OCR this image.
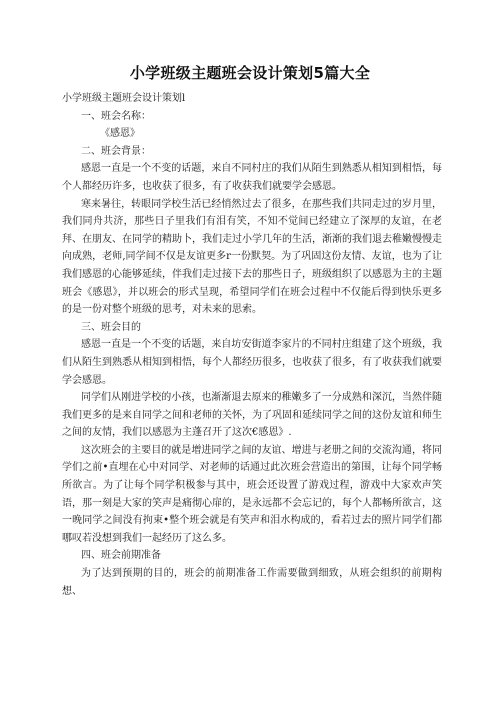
小学班级主题班会设计策划5篇大全

小学班级主题班会设计策划l

一、班会名称：

《感恩》

二、班会背景：

感恩一直是一个不变的话题，来自不同村庄的我们从陌生到熟悉从相知到相悟，每个人都经历许多，也收获了很多，有了收获我们就要学会感恩。

寒来暑往，转眼同学校生活已经悄然过去了很多，在那些我们共同走过的岁月里，我们同舟共济，那些日子里我们有泪有笑，不知不觉间已经建立了深厚的友谊，在老拜、在朋友、在同学的精助卜，我们走过小学几年的生活，渐渐的我们退去稚嫩慢慢走向成熟，老师,同学间不仅是友谊更多r一份默契。为了巩固这份友情、友谊，也为了让我们感恩的心能够延续，伴我们走过接下去的那些日子，班级组织了以感恩为主的主题班会《感恩》，并以班会的形式呈现，希望同学们在班会过程中不仅能后得到快乐更多的是一份对整个班级的思考，对未来的思索。

三、班会目的

感恩一直是一个不变的话题，来自坊安街道李家片的不同村庄组建了这个班级，我们从陌生到熟悉从相知到相悟，每个人都经历很多，也收获了很多，有了收获我们就要学会感恩。

同学们从刚进学校的小孩，也渐渐退去原来的稚嫩多了一分成熟和深沉，当然伴随我们更多的是来自同学之间和老师的关怀，为了巩固和延续同学之间的这份友谊和师生之间的友情，我们以感恩为主蓬召开了这次€感恩》.

这次班会的主要目的就是增进同学之间的友谊、增进与老册之间的交流沟通，将同学们之前•直埋在心中对同学、对老师的话通过此次班会营造出的第围，让每个同学畅所欲言。为了让每个同学积极参与其中，班会还设置了游戏过程，游戏中大家欢声笑语，那一刻是大家的笑声是痛彻心扉的，是永远都不会忘记的，每个人都畅所欲言，这一晚同学之间没有拘束•整个班会就是有笑声和泪水构成的，看若过去的照片同学们都哪叹若没想到我们一起经历了这么多。

四、班会前期准备

为了达到预期的目的，班会的前期准备工作需要做到细致，从班会组织的前期构想、
